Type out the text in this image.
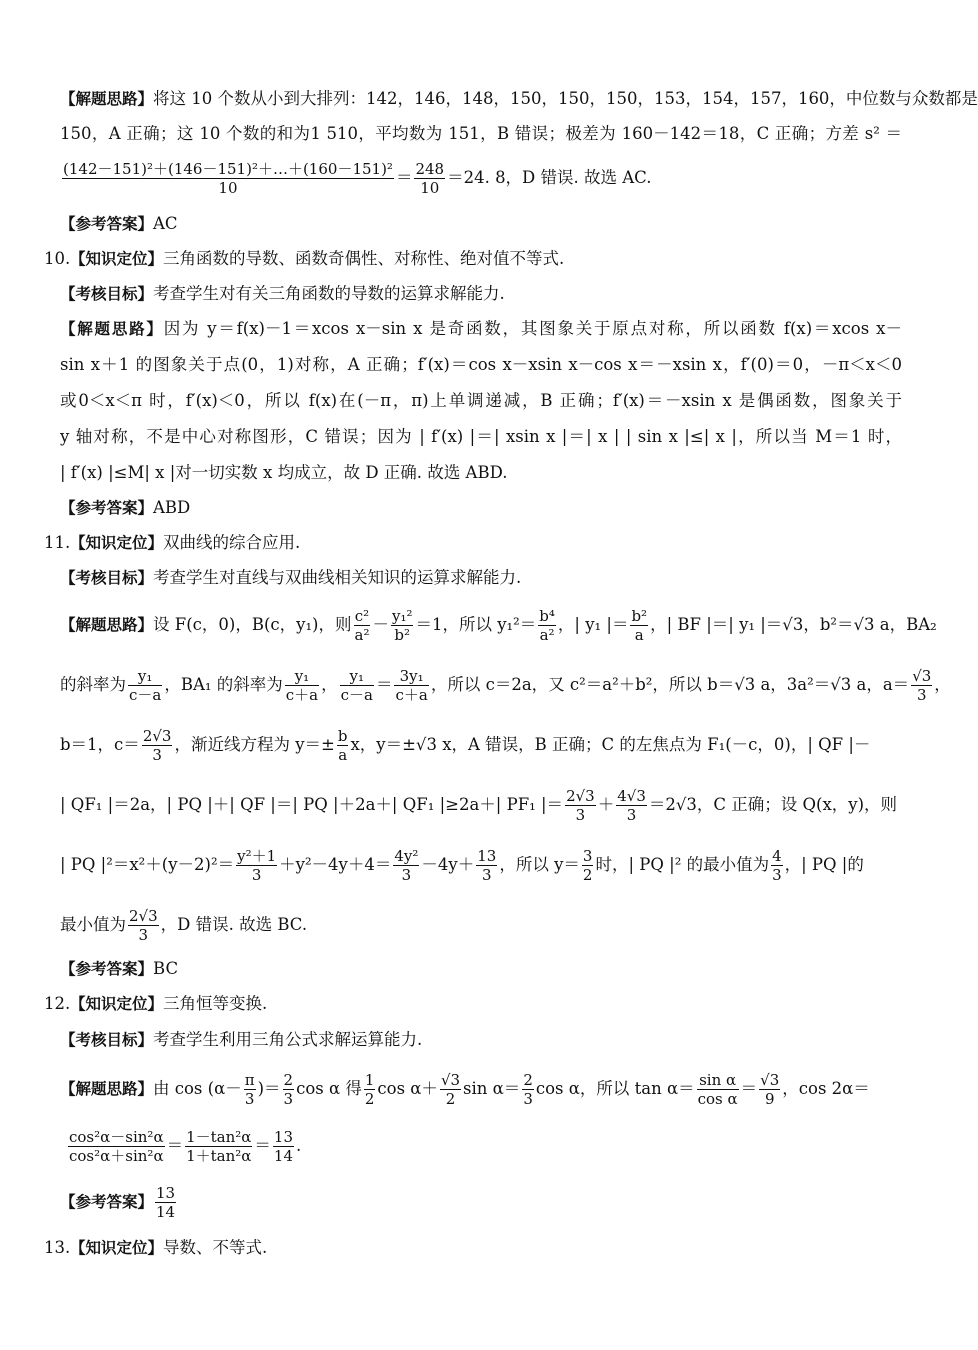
【解题思路】将这 10 个数从小到大排列：142，146，148，150，150，150，153，154，157，160，中位数与众数都是
150，A 正确；这 10 个数的和为1 510，平均数为 151，B 错误；极差为 160－142＝18，C 正确；方差 s² ＝
$\frac{\text{(142－151)²＋(146－151)²＋…＋(160－151)²}}{10} = \frac{248}{10} =24$. 8，D 错误. 故选 AC.
【参考答案】AC
10. 【知识定位】三角函数的导数、函数奇偶性、对称性、绝对值不等式.
【考核目标】考查学生对有关三角函数的导数的运算求解能力.
【解题思路】因为 y＝f(x)－1＝xcos x－sin x 是奇函数，其图象关于原点对称，所以函数 f(x)＝xcos x－
sin x＋1 的图象关于点(0，1)对称，A 正确；f′(x)＝cos x－xsin x－cos x＝－xsin x，f′(0)＝0，－π＜x＜0
或0＜x＜π 时，f′(x)＜0，所以 f(x)在(－π，π)上单调递减，B 正确；f′(x)＝－xsin x 是偶函数，图象关于
y 轴对称，不是中心对称图形，C 错误；因为 | f′(x) |＝| xsin x |＝| x | | sin x |≤| x |，所以当 M＝1 时，
| f′(x) |≤M| x |对一切实数 x 均成立，故 D 正确. 故选 ABD.
【参考答案】ABD
11. 【知识定位】双曲线的综合应用.
【考核目标】考查学生对直线与双曲线相关知识的运算求解能力.
【解题思路】设 F(c，0)，B(c，y₁)，则 $\frac{\text{c²}}{\text{a²}} - \frac{\text{y₁²}}{\text{b²}} =1$，所以 $y_1^2= \frac{\text{b⁴}}{\text{a²}}$ ，| y₁ |＝ $\frac{\text{b²}}{a}$ ，| BF |＝| y₁ |＝√3，b²＝√3 a，BA₂
的斜率为 $\frac{\text{y₁}}{c-a}$ ，BA₁ 的斜率为 $\frac{\text{y₁}}{c+a}$ ， $\frac{\text{y₁}}{c-a} = \frac{\text{3y₁}}{c+a}$ ，所以 c＝2a，又 c²＝a²＋b²，所以 b＝√3 a，3a²＝√3 a，$a= \frac{√3}{3}$ ，
b＝1，$c= \frac{2√3}{3}$ ，渐近线方程为 $y=\pm \frac{b}{a}$ x，y＝±√3 x，A 错误，B 正确；C 的左焦点为 F₁(－c，0)，| QF |－
| QF₁ |＝2a，| PQ |＋| QF |＝| PQ |＋2a＋| QF₁ |≥2a＋| PF₁ |＝ $\frac{2√3}{3} + \frac{4√3}{3} =2√3$，C 正确；设 Q(x，y)，则
| PQ $|^2=x^2+(y-2)^2= \frac{\text{y²＋1}}{3} +y^2-4y+4= \frac{\text{4y²}}{3} -4y+ \frac{13}{3}$ ，所以 $y= \frac{3}{2}$ 时，| PQ |² 的最小值为 $\frac{4}{3}$ ，| PQ |的
最小值为 $\frac{2√3}{3}$ ，D 错误. 故选 BC.
【参考答案】BC
12. 【知识定位】三角恒等变换.
【考核目标】考查学生利用三角公式求解运算能力.
【解题思路】由 $\cos (\alpha- \frac{\pi}{3}$ )＝ $\frac{2}{3}$ cos α 得 $\frac{1}{2}$ $\cos \alpha+ \frac{√3}{2}$ $\sin \alpha= \frac{2}{3}$ cos α，所以 $\tan \alpha= \frac{\text{sin α}}{\text{cos α}} = \frac{√3}{9}$ ，cos 2α＝
$\frac{\text{cos²α－sin²α}}{\text{cos²α＋sin²α}} = \frac{\text{1－tan²α}}{\text{1＋tan²α}} = \frac{13}{14}$ .
【参考答案】 $\frac{13}{14}$
13. 【知识定位】导数、不等式.
